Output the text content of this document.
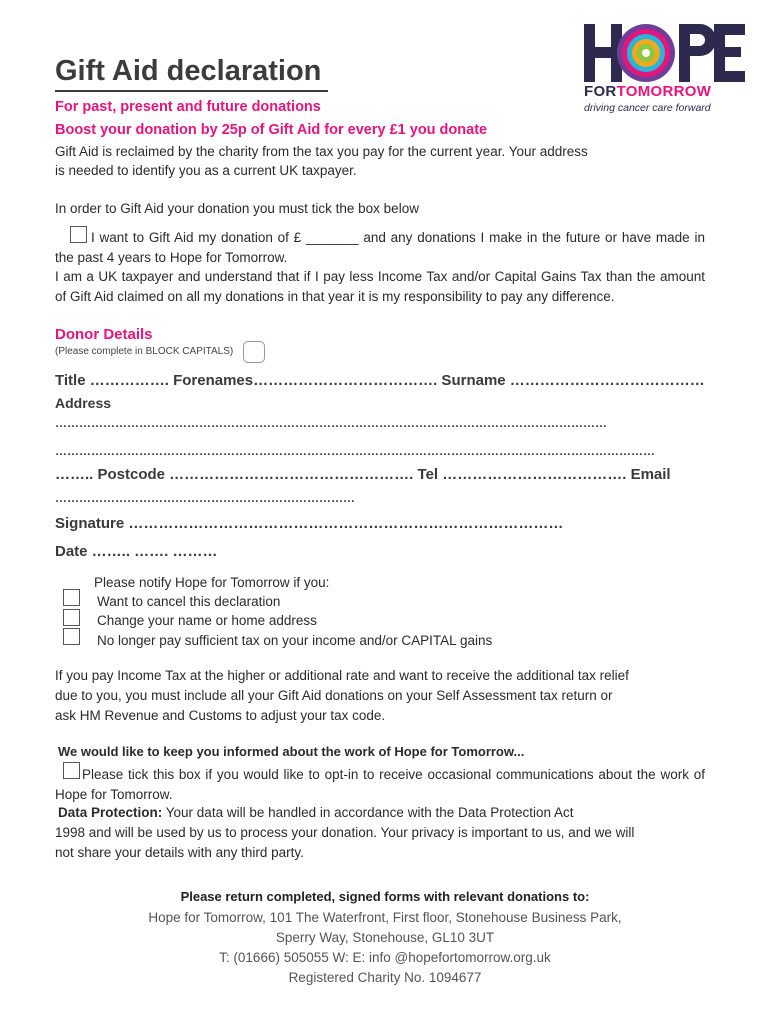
Gift Aid declaration
For past, present and future donations
Boost your donation by 25p of Gift Aid for every £1 you donate
FORTOMORROW
driving cancer care forward
Gift Aid is reclaimed by the charity from the tax you pay for the current year. Your address
is needed to identify you as a current UK taxpayer.
In order to Gift Aid your donation you must tick the box below
I want to Gift Aid my donation of £ _______ and any donations I make in the future or have made in the past 4 years to Hope for Tomorrow.
I am a UK taxpayer and understand that if I pay less Income Tax and/or Capital Gains Tax than the amount of Gift Aid claimed on all my donations in that year it is my responsibility to pay any difference.
Donor Details
(Please complete in BLOCK CAPITALS)
Title ……………. Forenames………………………………. Surname …………………………………
Address
…………………………………………………………………………………………………………………………
……………………………………………………………………………………………………………………………………
…….. Postcode …………………………………………. Tel ………………………………. Email
…………………………………………………………………
Signature ……………………………………………………………………………
Date …….. ……. ………
Please notify Hope for Tomorrow if you:
Want to cancel this declaration
Change your name or home address
No longer pay sufficient tax on your income and/or CAPITAL gains
If you pay Income Tax at the higher or additional rate and want to receive the additional tax relief
due to you, you must include all your Gift Aid donations on your Self Assessment tax return or
ask HM Revenue and Customs to adjust your tax code.
We would like to keep you informed about the work of Hope for Tomorrow...
Please tick this box if you would like to opt-in to receive occasional communications about the work of Hope for Tomorrow.
Data Protection: Your data will be handled in accordance with the Data Protection Act
1998 and will be used by us to process your donation. Your privacy is important to us, and we will
not share your details with any third party.
Please return completed, signed forms with relevant donations to:
Hope for Tomorrow, 101 The Waterfront, First floor, Stonehouse Business Park,
Sperry Way, Stonehouse, GL10 3UT
T: (01666) 505055 W: E: info @hopefortomorrow.org.uk
Registered Charity No. 1094677
